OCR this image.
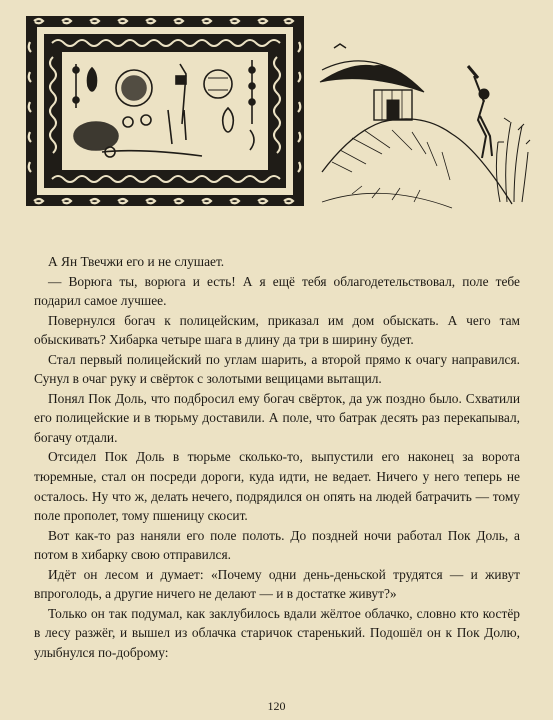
А Ян Твечжи его и не слушает.

— Ворюга ты, ворюга и есть! А я ещё тебя облагодетельствовал, поле тебе подарил самое лучшее.

Повернулся богач к полицейским, приказал им дом обыскать. А чего там обыскивать? Хибарка четыре шага в длину да три в ширину будет.

Стал первый полицейский по углам шарить, а второй прямо к очагу направился. Сунул в очаг руку и свёрток с золотыми вещицами вытащил.

Понял Пок Доль, что подбросил ему богач свёрток, да уж поздно было. Схватили его полицейские и в тюрьму доставили. А поле, что батрак десять раз перекапывал, богачу отдали.

Отсидел Пок Доль в тюрьме сколько-то, выпустили его наконец за ворота тюремные, стал он посреди дороги, куда идти, не ведает. Ничего у него теперь не осталось. Ну что ж, делать нечего, подрядился он опять на людей батрачить — тому поле прополет, тому пшеницу скосит.

Вот как-то раз наняли его поле полоть. До поздней ночи работал Пок Доль, а потом в хибарку свою отправился.

Идёт он лесом и думает: «Почему одни день-деньской трудятся — и живут впроголодь, а другие ничего не делают — и в достатке живут?»

Только он так подумал, как заклубилось вдали жёлтое облачко, словно кто костёр в лесу разжёг, и вышел из облачка старичок старенький. Подошёл он к Пок Долю, улыбнулся по-доброму:

120
